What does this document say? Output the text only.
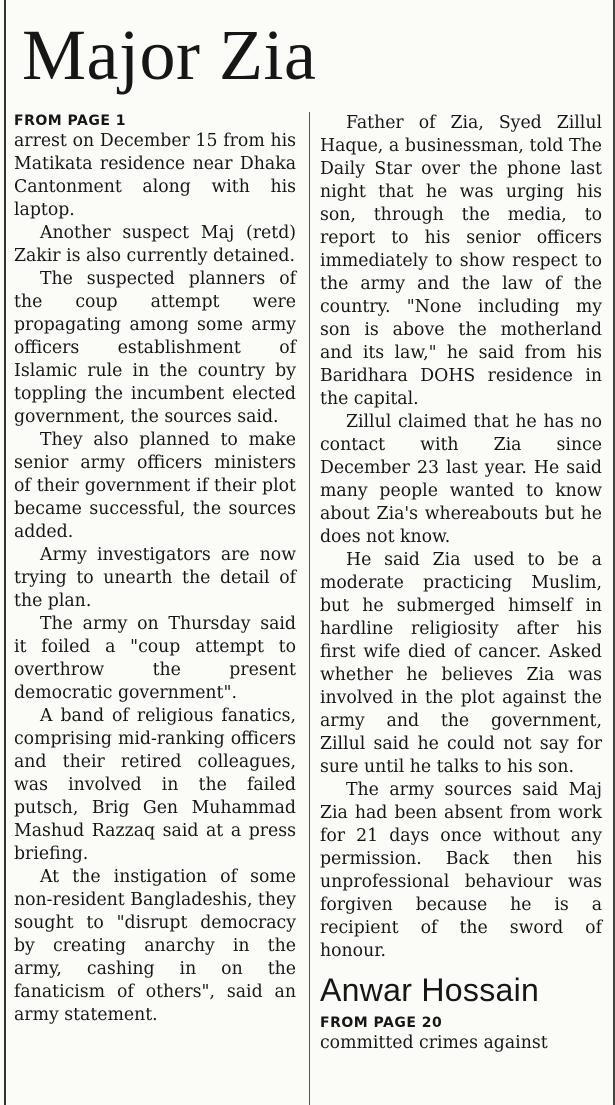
Major Zia
FROM PAGE 1

arrest on December 15 from his Matikata residence near Dhaka Cantonment along with his laptop.

Another suspect Maj (retd) Zakir is also currently detained.

The suspected planners of the coup attempt were propagating among some army officers establishment of Islamic rule in the country by toppling the incumbent elected government, the sources said.

They also planned to make senior army officers ministers of their government if their plot became successful, the sources added.

Army investigators are now trying to unearth the detail of the plan.

The army on Thursday said it foiled a "coup attempt to overthrow the present democratic government".

A band of religious fanatics, comprising mid-ranking officers and their retired colleagues, was involved in the failed putsch, Brig Gen Muhammad Mashud Razzaq said at a press briefing.

At the instigation of some non-resident Bangladeshis, they sought to "disrupt democracy by creating anarchy in the army, cashing in on the fanaticism of others", said an army statement.

Father of Zia, Syed Zillul Haque, a businessman, told The Daily Star over the phone last night that he was urging his son, through the media, to report to his senior officers immediately to show respect to the army and the law of the country. "None including my son is above the motherland and its law," he said from his Baridhara DOHS residence in the capital.

Zillul claimed that he has no contact with Zia since December 23 last year. He said many people wanted to know about Zia's whereabouts but he does not know.

He said Zia used to be a moderate practicing Muslim, but he submerged himself in hardline religiosity after his first wife died of cancer. Asked whether he believes Zia was involved in the plot against the army and the government, Zillul said he could not say for sure until he talks to his son.

The army sources said Maj Zia had been absent from work for 21 days once without any permission. Back then his unprofessional behaviour was forgiven because he is a recipient of the sword of honour.

Anwar Hossain
FROM PAGE 20

committed crimes against
